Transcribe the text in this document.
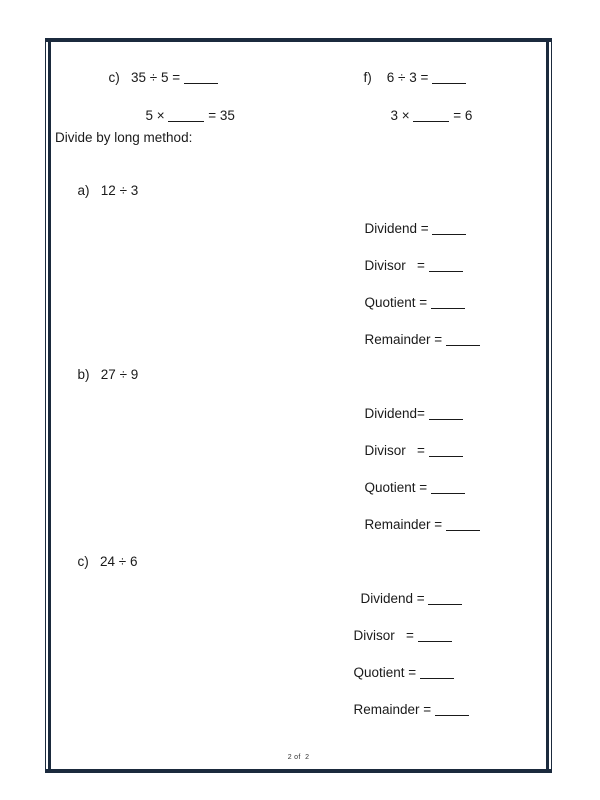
c) 35 ÷ 5 =

5 ×	= 35

f) 6 ÷ 3 =

3 ×	= 6

Divide by long method:

a) 12 ÷ 3

Dividend =

Divisor   =

Quotient =

Remainder =

b) 27 ÷ 9

Dividend=

Divisor   =

Quotient =

Remainder =

c) 24 ÷ 6

Dividend =

Divisor   =

Quotient =

Remainder =

2 of  2
